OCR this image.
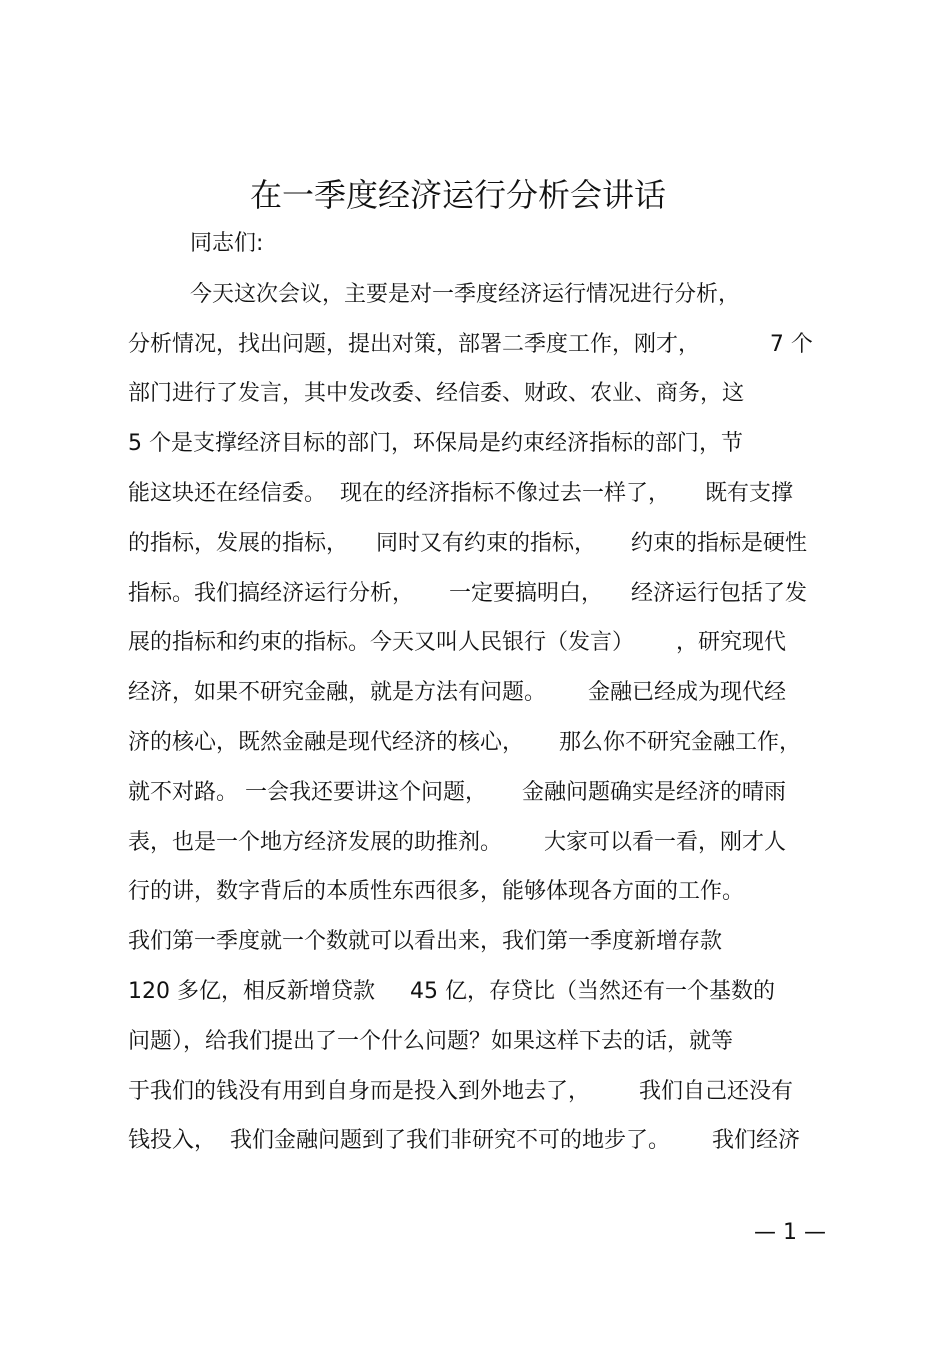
在一季度经济运行分析会讲话
同志们:
今天这次会议，主要是对一季度经济运行情况进行分析，
分析情况，找出问题，提出对策，部署二季度工作，刚才，          7 个
部门进行了发言，其中发改委、经信委、财政、农业、商务，这
5 个是支撑经济目标的部门，环保局是约束经济指标的部门，节
能这块还在经信委。  现在的经济指标不像过去一样了，     既有支撑
的指标，发展的指标，    同时又有约束的指标，     约束的指标是硬性
指标。我们搞经济运行分析，     一定要搞明白，    经济运行包括了发
展的指标和约束的指标。今天又叫人民银行（发言）      ，研究现代
经济，如果不研究金融，就是方法有问题。      金融已经成为现代经
济的核心，既然金融是现代经济的核心，     那么你不研究金融工作，
就不对路。 一会我还要讲这个问题，     金融问题确实是经济的晴雨
表，也是一个地方经济发展的助推剂。      大家可以看一看，刚才人
行的讲，数字背后的本质性东西很多，能够体现各方面的工作。
我们第一季度就一个数就可以看出来，我们第一季度新增存款
120 多亿，相反新增贷款     45 亿，存贷比（当然还有一个基数的
问题），给我们提出了一个什么问题？如果这样下去的话，就等
于我们的钱没有用到自身而是投入到外地去了，       我们自己还没有
钱投入，  我们金融问题到了我们非研究不可的地步了。      我们经济
— 1 —
